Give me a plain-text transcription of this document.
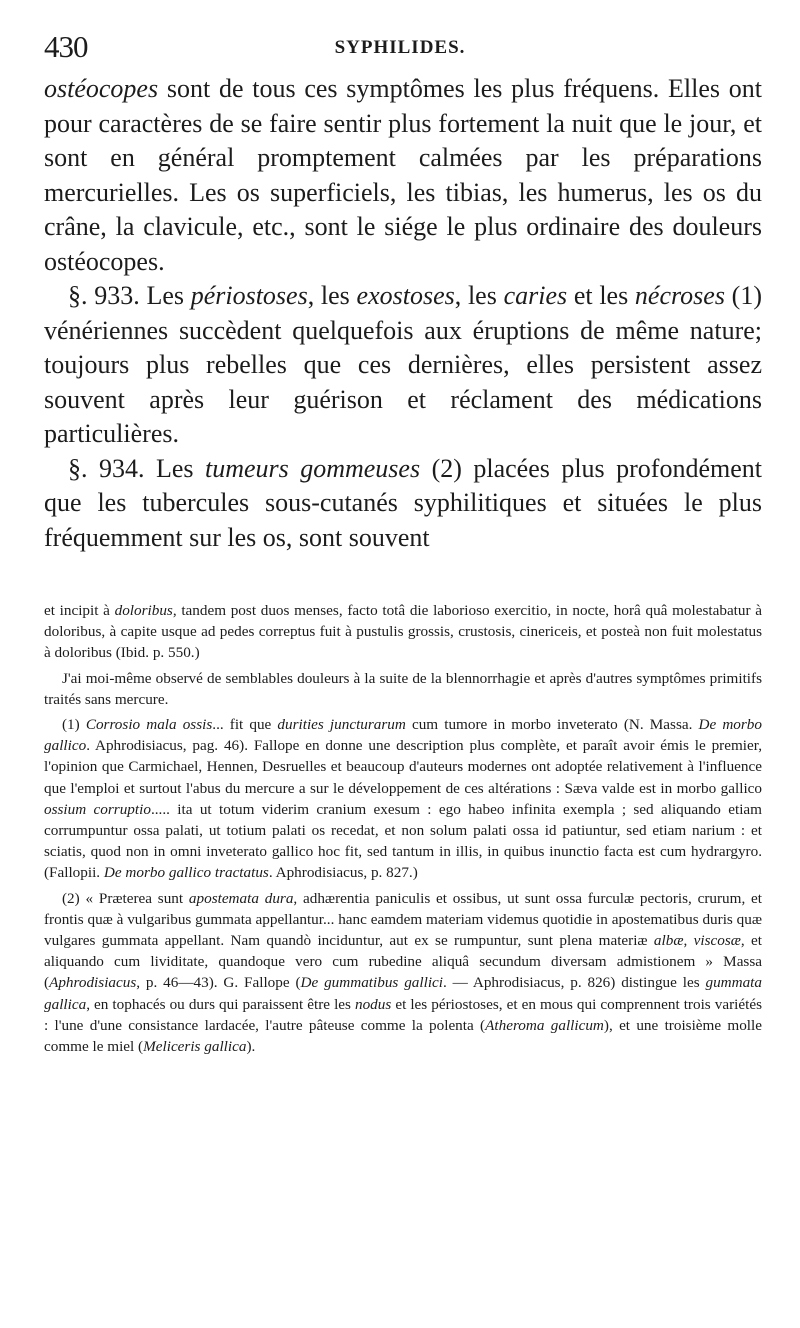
430	SYPHILIDES.

ostéocopes sont de tous ces symptômes les plus fréquens. Elles ont pour caractères de se faire sentir plus fortement la nuit que le jour, et sont en général promptement calmées par les préparations mercurielles. Les os superficiels, les tibias, les humerus, les os du crâne, la clavicule, etc., sont le siége le plus ordinaire des douleurs ostéocopes.

§. 933. Les périostoses, les exostoses, les caries et les nécroses (1) vénériennes succèdent quelquefois aux éruptions de même nature; toujours plus rebelles que ces dernières, elles persistent assez souvent après leur guérison et réclament des médications particulières.

§. 934. Les tumeurs gommeuses (2) placées plus profondément que les tubercules sous-cutanés syphilitiques et situées le plus fréquemment sur les os, sont souvent

et incipit à doloribus, tandem post duos menses, facto totâ die laborioso exercitio, in nocte, horâ quâ molestabatur à doloribus, à capite usque ad pedes correptus fuit à pustulis grossis, crustosis, cinericeis, et posteà non fuit molestatus à doloribus (Ibid. p. 550.)

J'ai moi-même observé de semblables douleurs à la suite de la blennorrhagie et après d'autres symptômes primitifs traités sans mercure.

(1) Corrosio mala ossis... fit que durities juncturarum cum tumore in morbo inveterato (N. Massa. De morbo gallico. Aphrodisiacus, pag. 46). Fallope en donne une description plus complète, et paraît avoir émis le premier, l'opinion que Carmichael, Hennen, Desruelles et beaucoup d'auteurs modernes ont adoptée relativement à l'influence que l'emploi et surtout l'abus du mercure a sur le développement de ces altérations : Sæva valde est in morbo gallico ossium corruptio..... ita ut totum viderim cranium exesum : ego habeo infinita exempla ; sed aliquando etiam corrumpuntur ossa palati, ut totium palati os recedat, et non solum palati ossa id patiuntur, sed etiam narium : et sciatis, quod non in omni inveterato gallico hoc fit, sed tantum in illis, in quibus inunctio facta est cum hydrargyro. (Fallopii. De morbo gallico tractatus. Aphrodisiacus, p. 827.)

(2) « Præterea sunt apostemata dura, adhærentia paniculis et ossibus, ut sunt ossa furculæ pectoris, crurum, et frontis quæ à vulgaribus gummata appellantur... hanc eamdem materiam videmus quotidie in apostematibus duris quæ vulgares gummata appellant. Nam quandò inciduntur, aut ex se rumpuntur, sunt plena materiæ albæ, viscosæ, et aliquando cum lividitate, quandoque vero cum rubedine aliquâ secundum diversam admistionem » Massa (Aphrodisiacus, p. 46—43). G. Fallope (De gummatibus gallici. — Aphrodisiacus, p. 826) distingue les gummata gallica, en tophacés ou durs qui paraissent être les nodus et les périostoses, et en mous qui comprennent trois variétés : l'une d'une consistance lardacée, l'autre pâteuse comme la polenta (Atheroma gallicum), et une troisième molle comme le miel (Meliceris gallica).
